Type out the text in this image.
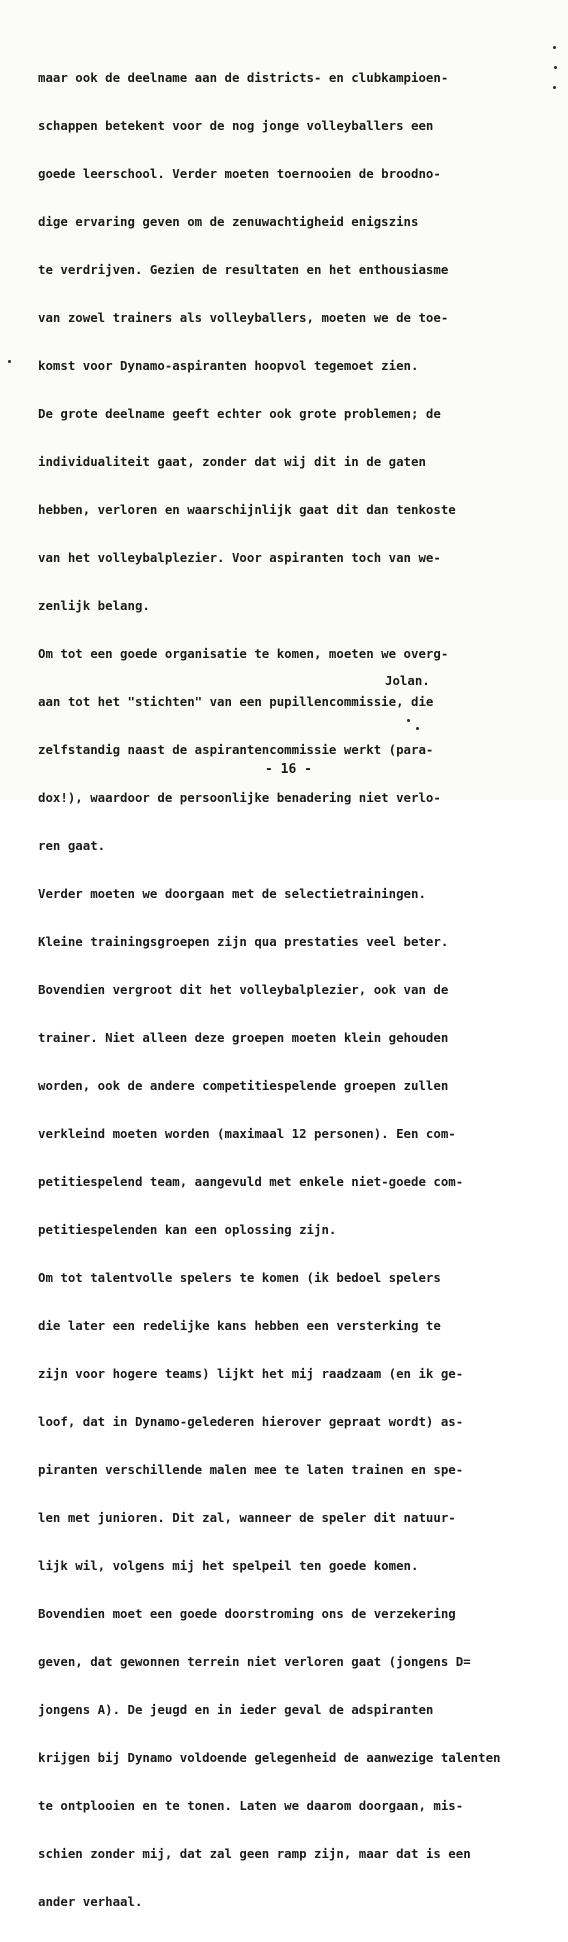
maar ook de deelname aan de districts- en clubkampioen-

schappen betekent voor de nog jonge volleyballers een

goede leerschool. Verder moeten toernooien de broodno-

dige ervaring geven om de zenuwachtigheid enigszins

te verdrijven. Gezien de resultaten en het enthousiasme

van zowel trainers als volleyballers, moeten we de toe-

komst voor Dynamo-aspiranten hoopvol tegemoet zien.

De grote deelname geeft echter ook grote problemen; de

individualiteit gaat, zonder dat wij dit in de gaten

hebben, verloren en waarschijnlijk gaat dit dan tenkoste

van het volleybalplezier. Voor aspiranten toch van we-

zenlijk belang.

Om tot een goede organisatie te komen, moeten we overg-

aan tot het "stichten" van een pupillencommissie, die

zelfstandig naast de aspirantencommissie werkt (para-

dox!), waardoor de persoonlijke benadering niet verlo-

ren gaat.

Verder moeten we doorgaan met de selectietrainingen.

Kleine trainingsgroepen zijn qua prestaties veel beter.

Bovendien vergroot dit het volleybalplezier, ook van de

trainer. Niet alleen deze groepen moeten klein gehouden

worden, ook de andere competitiespelende groepen zullen

verkleind moeten worden (maximaal 12 personen). Een com-

petitiespelend team, aangevuld met enkele niet-goede com-

petitiespelenden kan een oplossing zijn.

Om tot talentvolle spelers te komen (ik bedoel spelers

die later een redelijke kans hebben een versterking te

zijn voor hogere teams) lijkt het mij raadzaam (en ik ge-

loof, dat in Dynamo-gelederen hierover gepraat wordt) as-

piranten verschillende malen mee te laten trainen en spe-

len met junioren. Dit zal, wanneer de speler dit natuur-

lijk wil, volgens mij het spelpeil ten goede komen.

Bovendien moet een goede doorstroming ons de verzekering

geven, dat gewonnen terrein niet verloren gaat (jongens D=

jongens A). De jeugd en in ieder geval de adspiranten

krijgen bij Dynamo voldoende gelegenheid de aanwezige talenten

te ontplooien en te tonen. Laten we daarom doorgaan, mis-

schien zonder mij, dat zal geen ramp zijn, maar dat is een

ander verhaal.

Jolan.
- 16 -
